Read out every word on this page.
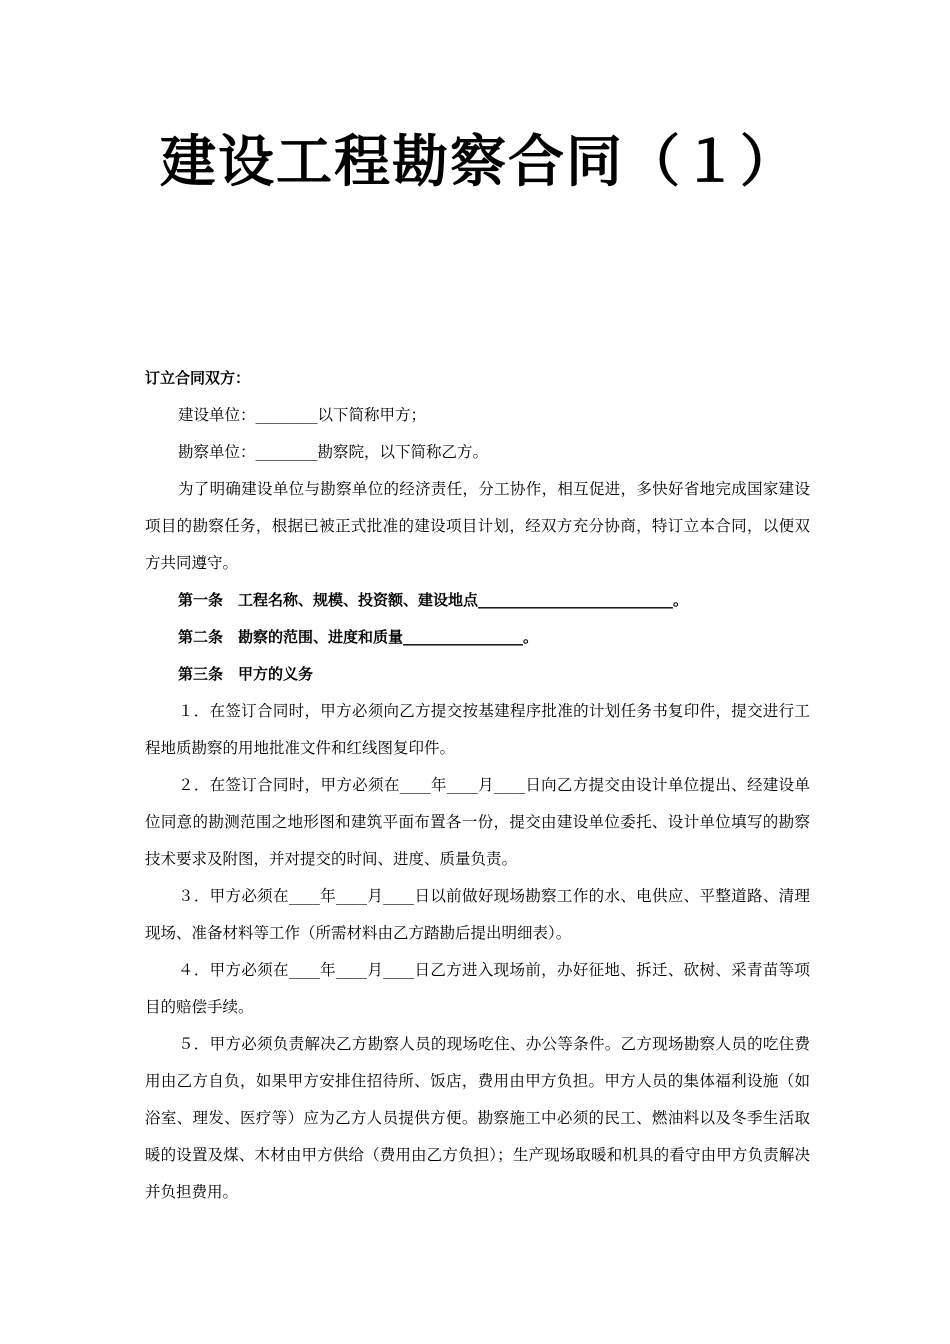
建设工程勘察合同（１）

订立合同双方：

建设单位：________以下简称甲方；

勘察单位：________勘察院，以下简称乙方。

为了明确建设单位与勘察单位的经济责任，分工协作，相互促进，多快好省地完成国家建设项目的勘察任务，根据已被正式批准的建设项目计划，经双方充分协商，特订立本合同，以便双方共同遵守。

第一条　工程名称、规模、投资额、建设地点__________________________。

第二条　勘察的范围、进度和质量________________。

第三条　甲方的义务

１．在签订合同时，甲方必须向乙方提交按基建程序批准的计划任务书复印件，提交进行工程地质勘察的用地批准文件和红线图复印件。

２．在签订合同时，甲方必须在____年____月____日向乙方提交由设计单位提出、经建设单位同意的勘测范围之地形图和建筑平面布置各一份，提交由建设单位委托、设计单位填写的勘察技术要求及附图，并对提交的时间、进度、质量负责。

３．甲方必须在____年____月____日以前做好现场勘察工作的水、电供应、平整道路、清理现场、准备材料等工作（所需材料由乙方踏勘后提出明细表）。

４．甲方必须在____年____月____日乙方进入现场前，办好征地、拆迁、砍树、采青苗等项目的赔偿手续。

５．甲方必须负责解决乙方勘察人员的现场吃住、办公等条件。乙方现场勘察人员的吃住费用由乙方自负，如果甲方安排住招待所、饭店，费用由甲方负担。甲方人员的集体福利设施（如浴室、理发、医疗等）应为乙方人员提供方便。勘察施工中必须的民工、燃油料以及冬季生活取暖的设置及煤、木材由甲方供给（费用由乙方负担）；生产现场取暖和机具的看守由甲方负责解决并负担费用。
